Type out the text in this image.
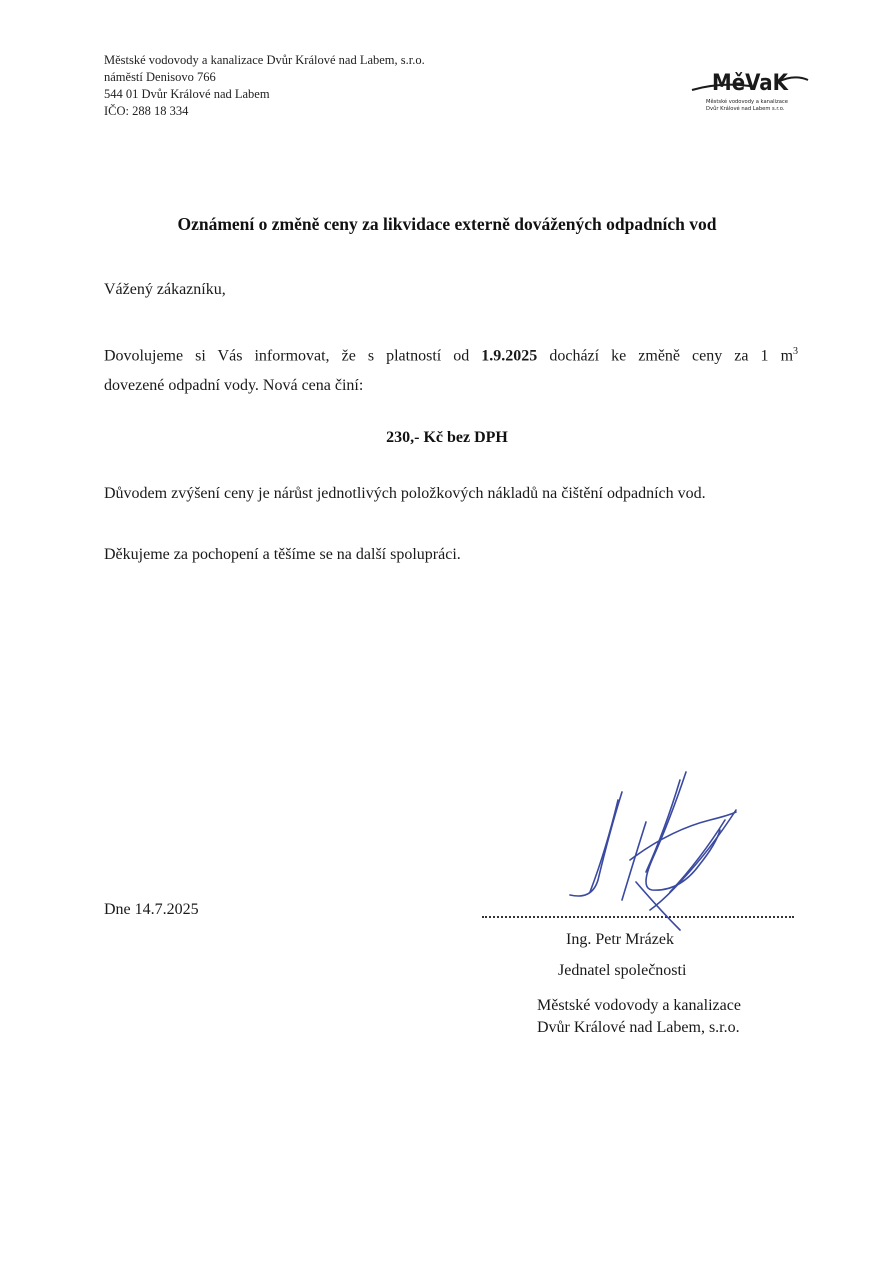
Městské vodovody a kanalizace Dvůr Králové nad Labem, s.r.o.
náměstí Denisovo 766
544 01 Dvůr Králové nad Labem
IČO: 288 18 334
MěVaK
Městské vodovody a kanalizace
Dvůr Králové nad Labem s.r.o.
Oznámení o změně ceny za likvidace externě dovážených odpadních vod
Vážený zákazníku,
Dovolujeme si Vás informovat, že s platností od 1.9.2025 dochází ke změně ceny za 1 $m^3$
dovezené odpadní vody. Nová cena činí:
230,- Kč bez DPH
Důvodem zvýšení ceny je nárůst jednotlivých položkových nákladů na čištění odpadních vod.
Děkujeme za pochopení a těšíme se na další spolupráci.
Dne 14.7.2025
Ing. Petr Mrázek
Jednatel společnosti
Městské vodovody a kanalizace
Dvůr Králové nad Labem, s.r.o.
